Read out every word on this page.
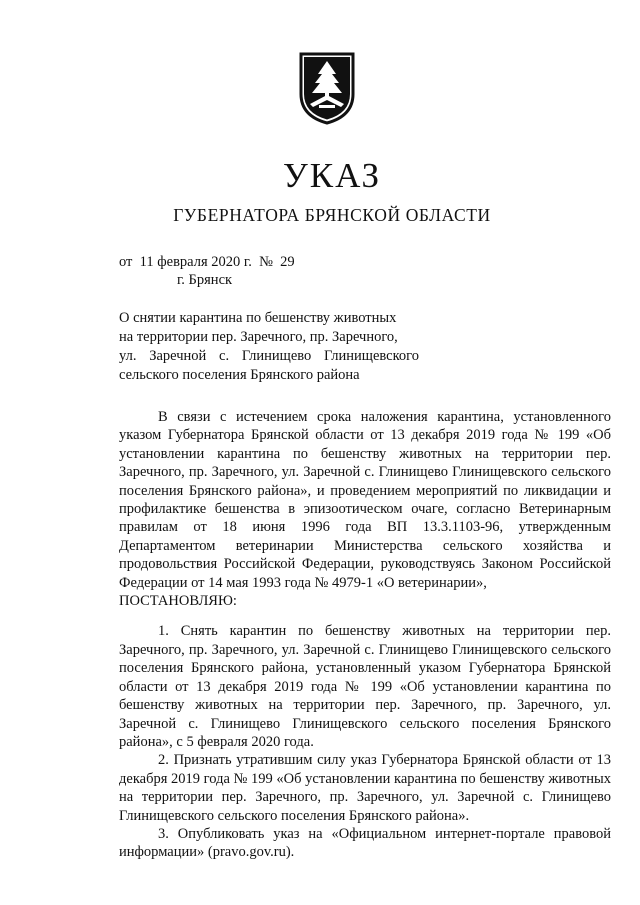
УКАЗ
ГУБЕРНАТОРА БРЯНСКОЙ ОБЛАСТИ
от 11 февраля 2020 г. № 29
г. Брянск
О снятии карантина по бешенству животных
на территории пер. Заречного, пр. Заречного,
ул. Заречной с. Глинищево Глинищевского
сельского поселения Брянского района

В связи с истечением срока наложения карантина, установленного указом Губернатора Брянской области от 13 декабря 2019 года № 199 «Об установлении карантина по бешенству животных на территории пер. Заречного, пр. Заречного, ул. Заречной с. Глинищево Глинищевского сельского поселения Брянского района», и проведением мероприятий по ликвидации и профилактике бешенства в эпизоотическом очаге, согласно Ветеринарным правилам от 18 июня 1996 года ВП 13.3.1103-96, утвержденным Департаментом ветеринарии Министерства сельского хозяйства и продовольствия Российской Федерации, руководствуясь Законом Российской Федерации от 14 мая 1993 года № 4979-1 «О ветеринарии»,

ПОСТАНОВЛЯЮ:

1. Снять карантин по бешенству животных на территории пер. Заречного, пр. Заречного, ул. Заречной с. Глинищево Глинищевского сельского поселения Брянского района, установленный указом Губернатора Брянской области от 13 декабря 2019 года № 199 «Об установлении карантина по бешенству животных на территории пер. Заречного, пр. Заречного, ул. Заречной с. Глинищево Глинищевского сельского поселения Брянского района», с 5 февраля 2020 года.

2. Признать утратившим силу указ Губернатора Брянской области от 13 декабря 2019 года № 199 «Об установлении карантина по бешенству животных на территории пер. Заречного, пр. Заречного, ул. Заречной с. Глинищево Глинищевского сельского поселения Брянского района».

3. Опубликовать указ на «Официальном интернет-портале правовой информации» (pravo.gov.ru).
